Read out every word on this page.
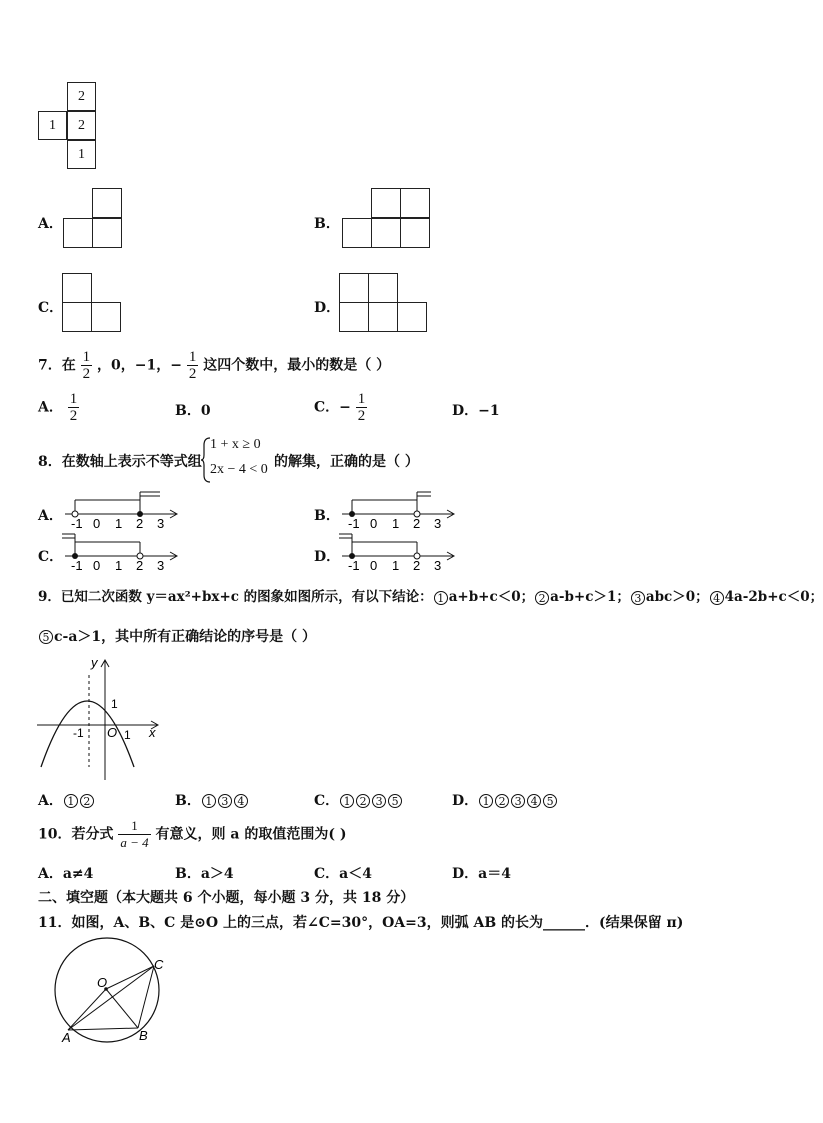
2
1	2
1
A．	B．
C．	D．
7．在 $\frac{1}{2}$ ，0，−1，− $\frac{1}{2}$ 这四个数中，最小的数是（ ）
A． $\frac{1}{2}$	B．0	C．− $\frac{1}{2}$	D．−1
8．在数轴上表示不等式组
1 + x ≥ 0
2x − 4 < 0 的解集，正确的是（ ）
A．	B．
C．	D．
-1 0 1 2 3	-1 0 1 2 3
-1 0 1 2 3	-1 0 1 2 3
9．已知二次函数 y＝ax²+bx+c 的图象如图所示，有以下结论： 1 a+b+c＜0； 2 a-b+c＞1； 3 abc＞0； 4 4a-2b+c＜0；
5 c-a＞1，其中所有正确结论的序号是（ ）
y
x
O
1
-1	1
A． 1 2	B． 1 3 4	C． 1 2 3 5	D． 1 2 3 4 5
10．若分式 $\frac{1}{a - 4}$ 有意义，则 a 的取值范围为( )
A．a≠4	B．a＞4	C．a＜4	D．a＝4
二、填空题（本大题共 6 个小题，每小题 3 分，共 18 分）
11．如图，A、B、C 是⊙O 上的三点，若∠C=30°，OA=3，则弧 AB 的长为______．(结果保留 π)
O
A	B
C
